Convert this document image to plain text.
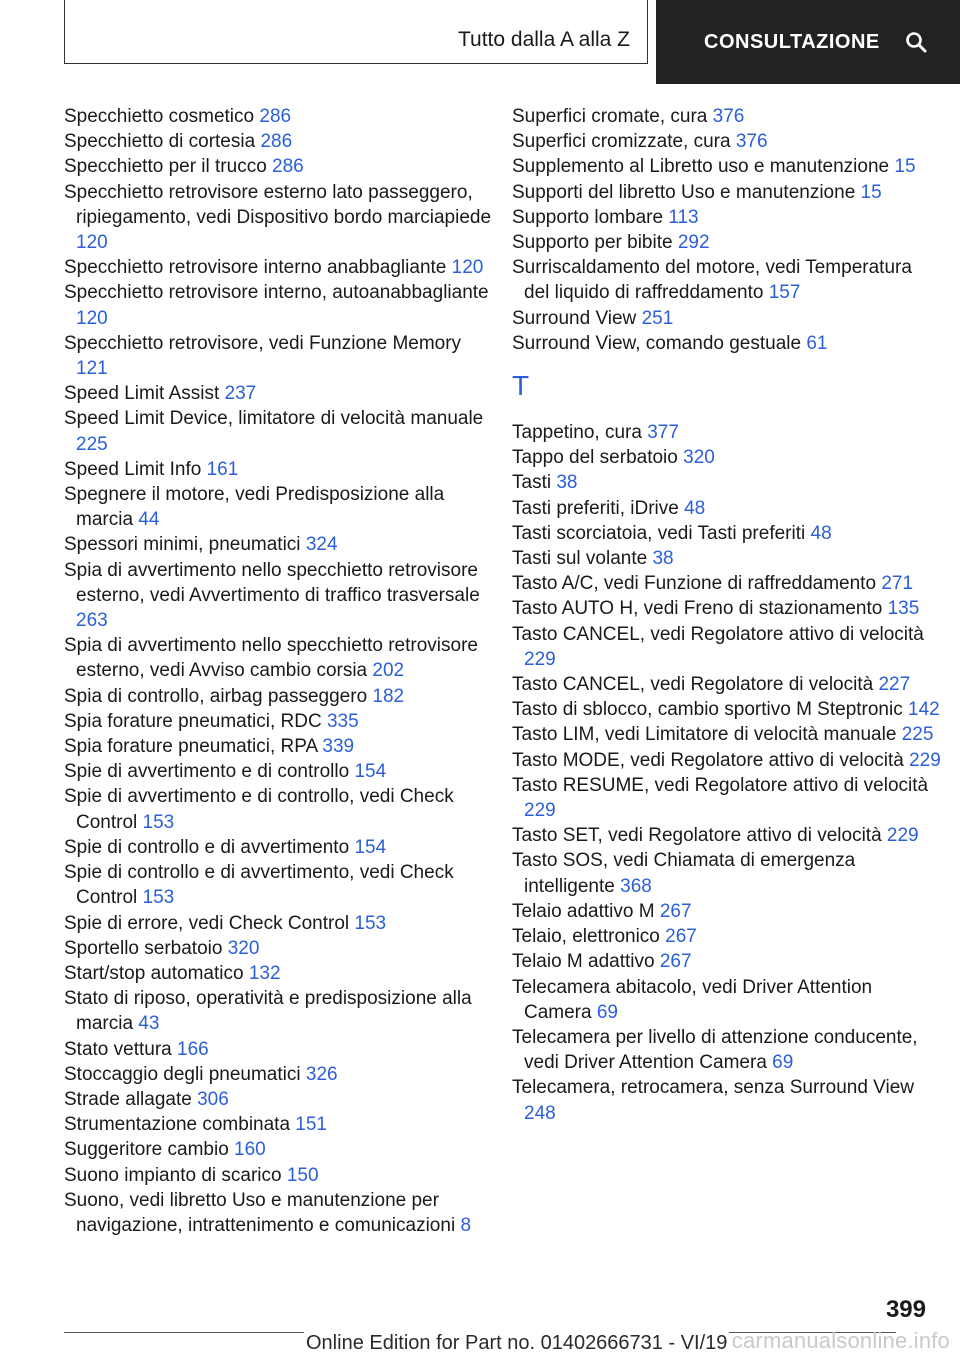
Tutto dalla A alla Z	CONSULTAZIONE
Specchietto cosmetico 286
Specchietto di cortesia 286
Specchietto per il trucco 286
Specchietto retrovisore esterno lato passeggero, ripiegamento, vedi Dispositivo bordo marciapiede 120
Specchietto retrovisore interno anabbagliante 120
Specchietto retrovisore interno, autoanabbagliante 120
Specchietto retrovisore, vedi Funzione Memory 121
Speed Limit Assist 237
Speed Limit Device, limitatore di velocità manuale 225
Speed Limit Info 161
Spegnere il motore, vedi Predisposizione alla marcia 44
Spessori minimi, pneumatici 324
Spia di avvertimento nello specchietto retrovisore esterno, vedi Avvertimento di traffico trasversale 263
Spia di avvertimento nello specchietto retrovisore esterno, vedi Avviso cambio corsia 202
Spia di controllo, airbag passeggero 182
Spia forature pneumatici, RDC 335
Spia forature pneumatici, RPA 339
Spie di avvertimento e di controllo 154
Spie di avvertimento e di controllo, vedi Check Control 153
Spie di controllo e di avvertimento 154
Spie di controllo e di avvertimento, vedi Check Control 153
Spie di errore, vedi Check Control 153
Sportello serbatoio 320
Start/stop automatico 132
Stato di riposo, operatività e predisposizione alla marcia 43
Stato vettura 166
Stoccaggio degli pneumatici 326
Strade allagate 306
Strumentazione combinata 151
Suggeritore cambio 160
Suono impianto di scarico 150
Suono, vedi libretto Uso e manutenzione per navigazione, intrattenimento e comunicazioni 8
Superfici cromate, cura 376
Superfici cromizzate, cura 376
Supplemento al Libretto uso e manutenzione 15
Supporti del libretto Uso e manutenzione 15
Supporto lombare 113
Supporto per bibite 292
Surriscaldamento del motore, vedi Temperatura del liquido di raffreddamento 157
Surround View 251
Surround View, comando gestuale 61
T
Tappetino, cura 377
Tappo del serbatoio 320
Tasti 38
Tasti preferiti, iDrive 48
Tasti scorciatoia, vedi Tasti preferiti 48
Tasti sul volante 38
Tasto A/C, vedi Funzione di raffreddamento 271
Tasto AUTO H, vedi Freno di stazionamento 135
Tasto CANCEL, vedi Regolatore attivo di velocità 229
Tasto CANCEL, vedi Regolatore di velocità 227
Tasto di sblocco, cambio sportivo M Steptronic 142
Tasto LIM, vedi Limitatore di velocità manuale 225
Tasto MODE, vedi Regolatore attivo di velocità 229
Tasto RESUME, vedi Regolatore attivo di velocità 229
Tasto SET, vedi Regolatore attivo di velocità 229
Tasto SOS, vedi Chiamata di emergenza intelligente 368
Telaio adattivo M 267
Telaio, elettronico 267
Telaio M adattivo 267
Telecamera abitacolo, vedi Driver Attention Camera 69
Telecamera per livello di attenzione conducente, vedi Driver Attention Camera 69
Telecamera, retrocamera, senza Surround View 248
399
Online Edition for Part no. 01402666731 - VI/19 carmanualsonline.info
